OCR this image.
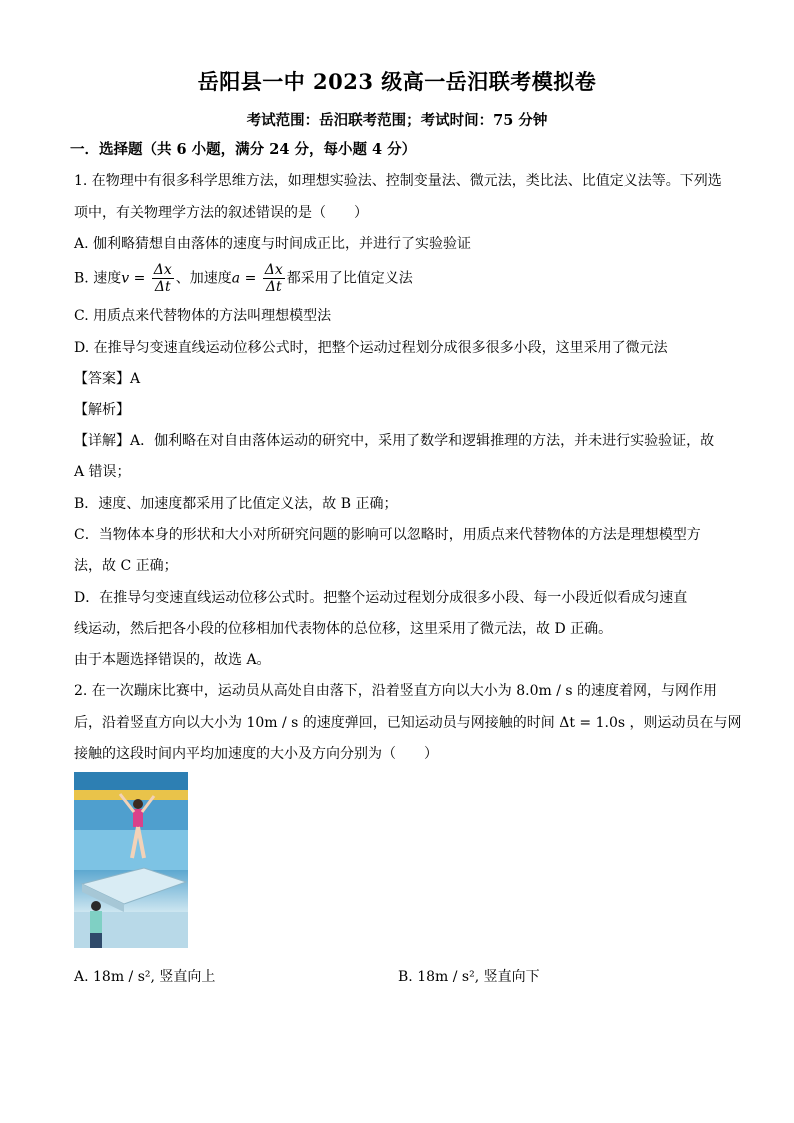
岳阳县一中 2023 级高一岳汨联考模拟卷
考试范围：岳汨联考范围；考试时间：75 分钟
一．选择题（共 6 小题，满分 24 分，每小题 4 分）
1. 在物理中有很多科学思维方法，如理想实验法、控制变量法、微元法，类比法、比值定义法等。下列选
项中，有关物理学方法的叙述错误的是（　　）
A. 伽利略猜想自由落体的速度与时间成正比，并进行了实验验证
B. 速度$v = \frac{\Delta x}{\Delta t}$ 、加速度$a = \frac{\Delta x}{\Delta t}$ 都采用了比值定义法
C. 用质点来代替物体的方法叫理想模型法
D. 在推导匀变速直线运动位移公式时，把整个运动过程划分成很多很多小段，这里采用了微元法
【答案】A
【解析】
【详解】A．伽利略在对自由落体运动的研究中，采用了数学和逻辑推理的方法，并未进行实验验证，故
A 错误；
B．速度、加速度都采用了比值定义法，故 B 正确；
C．当物体本身的形状和大小对所研究问题的影响可以忽略时，用质点来代替物体的方法是理想模型方
法，故 C 正确；
D．在推导匀变速直线运动位移公式时。把整个运动过程划分成很多小段、每一小段近似看成匀速直
线运动，然后把各小段的位移相加代表物体的总位移，这里采用了微元法，故 D 正确。
由于本题选择错误的，故选 A。
2. 在一次蹦床比赛中，运动员从高处自由落下，沿着竖直方向以大小为 8.0m / s 的速度着网，与网作用
后，沿着竖直方向以大小为 10m / s 的速度弹回，已知运动员与网接触的时间 Δt = 1.0s ，则运动员在与网
接触的这段时间内平均加速度的大小及方向分别为（　　）
A. 18m / s², 竖直向上	B. 18m / s², 竖直向下
